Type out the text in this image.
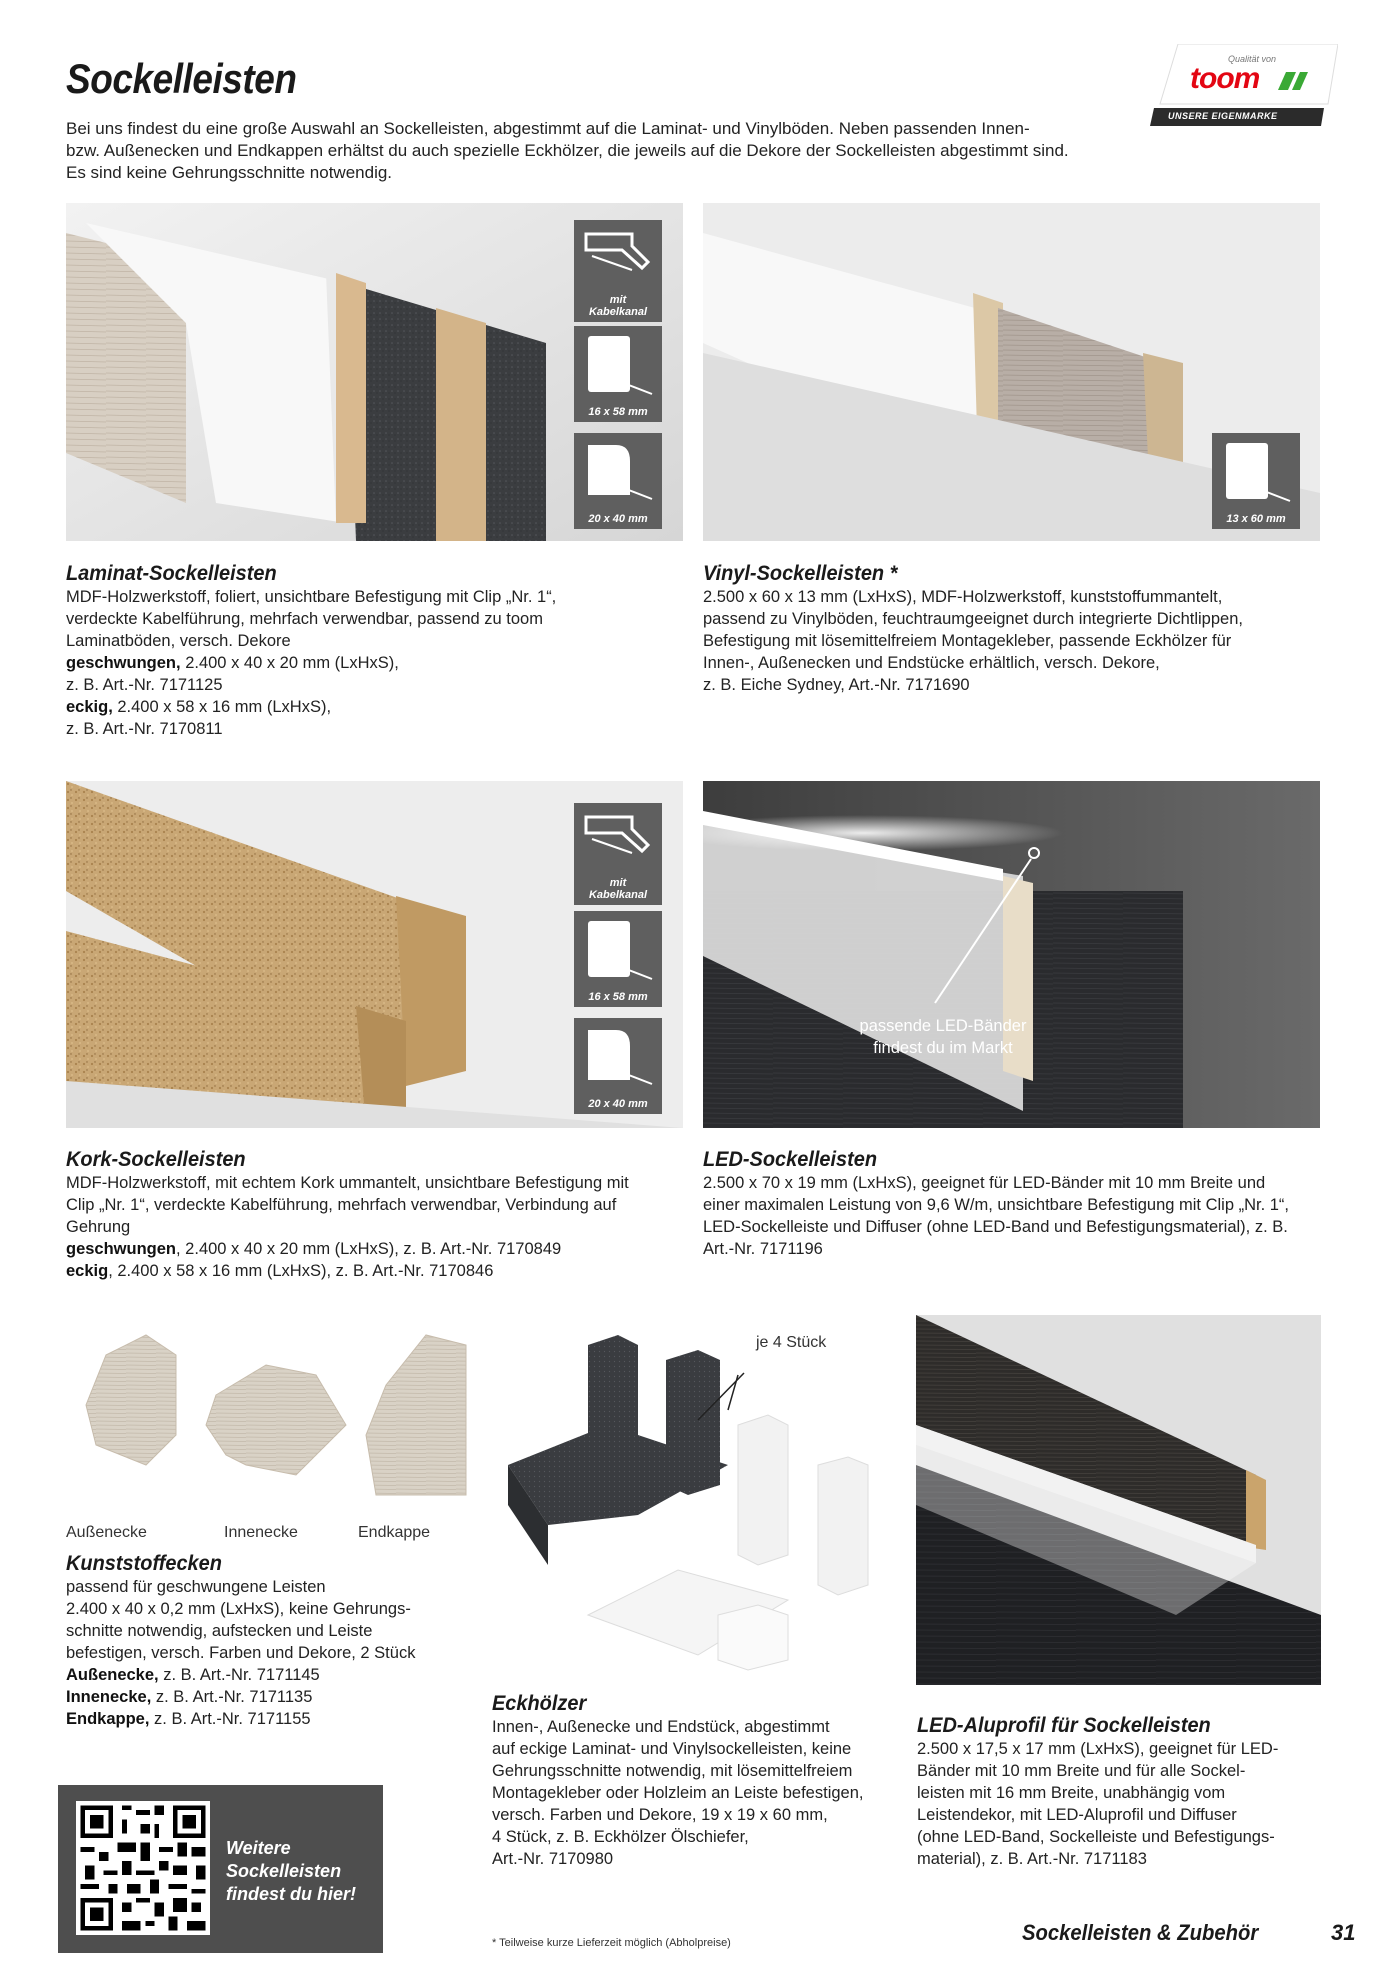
Sockelleisten
Bei uns findest du eine große Auswahl an Sockelleisten, abgestimmt auf die Laminat- und Vinylböden. Neben passenden Innen-
bzw. Außenecken und Endkappen erhältst du auch spezielle Eckhölzer, die jeweils auf die Dekore der Sockelleisten abgestimmt sind.
Es sind keine Gehrungsschnitte notwendig.
Qualität von
toom
UNSERE EIGENMARKE
mit
Kabelkanal
16 x 58 mm
20 x 40 mm	13 x 60 mm
Laminat-Sockelleisten
MDF-Holzwerkstoff, foliert, unsichtbare Befestigung mit Clip „Nr. 1“,
verdeckte Kabelführung, mehrfach verwendbar, passend zu toom
Laminatböden, versch. Dekore
geschwungen, 2.400 x 40 x 20 mm (LxHxS),
z. B. Art.-Nr. 7171125
eckig, 2.400 x 58 x 16 mm (LxHxS),
z. B. Art.-Nr. 7170811
Vinyl-Sockelleisten *
2.500 x 60 x 13 mm (LxHxS), MDF-Holzwerkstoff, kunststoffummantelt,
passend zu Vinylböden, feuchtraumgeeignet durch integrierte Dichtlippen,
Befestigung mit lösemittelfreiem Montagekleber, passende Eckhölzer für
Innen-, Außenecken und Endstücke erhältlich, versch. Dekore,
z. B. Eiche Sydney, Art.-Nr. 7171690
mit
Kabelkanal
16 x 58 mm
20 x 40 mm
passende LED-Bänder
findest du im Markt
Kork-Sockelleisten
MDF-Holzwerkstoff, mit echtem Kork ummantelt, unsichtbare Befestigung mit
Clip „Nr. 1“, verdeckte Kabelführung, mehrfach verwendbar, Verbindung auf
Gehrung
geschwungen, 2.400 x 40 x 20 mm (LxHxS), z. B. Art.-Nr. 7170849
eckig, 2.400 x 58 x 16 mm (LxHxS), z. B. Art.-Nr. 7170846
LED-Sockelleisten
2.500 x 70 x 19 mm (LxHxS), geeignet für LED-Bänder mit 10 mm Breite und
einer maximalen Leistung von 9,6 W/m, unsichtbare Befestigung mit Clip „Nr. 1“,
LED-Sockelleiste und Diffuser (ohne LED-Band und Befestigungsmaterial), z. B.
Art.-Nr. 7171196
Außenecke	Innenecke	Endkappe
Kunststoffecken
passend für geschwungene Leisten
2.400 x 40 x 0,2 mm (LxHxS), keine Gehrungs-
schnitte notwendig, aufstecken und Leiste
befestigen, versch. Farben und Dekore, 2 Stück
Außenecke, z. B. Art.-Nr. 7171145
Innenecke, z. B. Art.-Nr. 7171135
Endkappe, z. B. Art.-Nr. 7171155
je 4 Stück
Eckhölzer
Innen-, Außenecke und Endstück, abgestimmt
auf eckige Laminat- und Vinylsockelleisten, keine
Gehrungsschnitte notwendig, mit lösemittelfreiem
Montagekleber oder Holzleim an Leiste befestigen,
versch. Farben und Dekore, 19 x 19 x 60 mm,
4 Stück, z. B. Eckhölzer Ölschiefer,
Art.-Nr. 7170980
LED-Aluprofil für Sockelleisten
2.500 x 17,5 x 17 mm (LxHxS), geeignet für LED-
Bänder mit 10 mm Breite und für alle Sockel-
leisten mit 16 mm Breite, unabhängig vom
Leistendekor, mit LED-Aluprofil und Diffuser
(ohne LED-Band, Sockelleiste und Befestigungs-
material), z. B. Art.-Nr. 7171183
Weitere
Sockelleisten
findest du hier!
* Teilweise kurze Lieferzeit möglich (Abholpreise)	Sockelleisten & Zubehör	31
